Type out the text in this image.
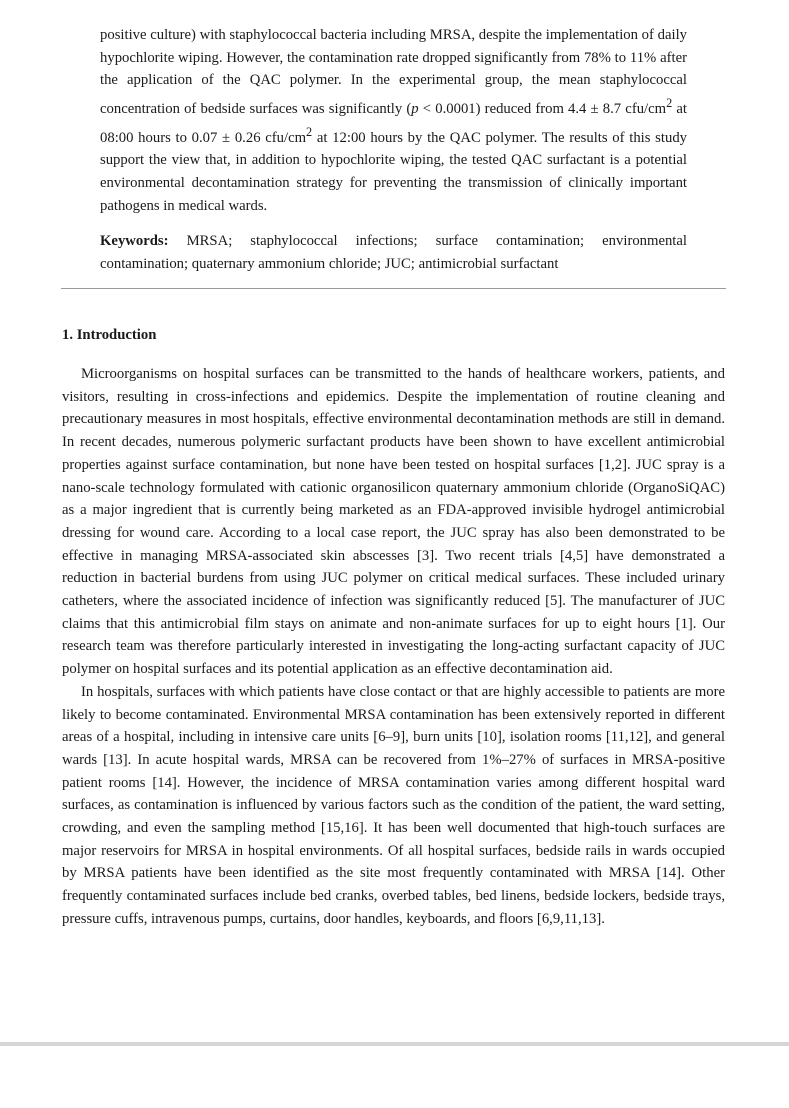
positive culture) with staphylococcal bacteria including MRSA, despite the implementation of daily hypochlorite wiping. However, the contamination rate dropped significantly from 78% to 11% after the application of the QAC polymer. In the experimental group, the mean staphylococcal concentration of bedside surfaces was significantly (p < 0.0001) reduced from 4.4 ± 8.7 cfu/$cm^2$ at 08:00 hours to 0.07 ± 0.26 cfu/$cm^2$ at 12:00 hours by the QAC polymer. The results of this study support the view that, in addition to hypochlorite wiping, the tested QAC surfactant is a potential environmental decontamination strategy for preventing the transmission of clinically important pathogens in medical wards.

Keywords: MRSA; staphylococcal infections; surface contamination; environmental contamination; quaternary ammonium chloride; JUC; antimicrobial surfactant

1. Introduction

Microorganisms on hospital surfaces can be transmitted to the hands of healthcare workers, patients, and visitors, resulting in cross-infections and epidemics. Despite the implementation of routine cleaning and precautionary measures in most hospitals, effective environmental decontamination methods are still in demand. In recent decades, numerous polymeric surfactant products have been shown to have excellent antimicrobial properties against surface contamination, but none have been tested on hospital surfaces [1,2]. JUC spray is a nano-scale technology formulated with cationic organosilicon quaternary ammonium chloride (OrganoSiQAC) as a major ingredient that is currently being marketed as an FDA-approved invisible hydrogel antimicrobial dressing for wound care. According to a local case report, the JUC spray has also been demonstrated to be effective in managing MRSA-associated skin abscesses [3]. Two recent trials [4,5] have demonstrated a reduction in bacterial burdens from using JUC polymer on critical medical surfaces. These included urinary catheters, where the associated incidence of infection was significantly reduced [5]. The manufacturer of JUC claims that this antimicrobial film stays on animate and non-animate surfaces for up to eight hours [1]. Our research team was therefore particularly interested in investigating the long-acting surfactant capacity of JUC polymer on hospital surfaces and its potential application as an effective decontamination aid.

In hospitals, surfaces with which patients have close contact or that are highly accessible to patients are more likely to become contaminated. Environmental MRSA contamination has been extensively reported in different areas of a hospital, including in intensive care units [6–9], burn units [10], isolation rooms [11,12], and general wards [13]. In acute hospital wards, MRSA can be recovered from 1%–27% of surfaces in MRSA-positive patient rooms [14]. However, the incidence of MRSA contamination varies among different hospital ward surfaces, as contamination is influenced by various factors such as the condition of the patient, the ward setting, crowding, and even the sampling method [15,16]. It has been well documented that high-touch surfaces are major reservoirs for MRSA in hospital environments. Of all hospital surfaces, bedside rails in wards occupied by MRSA patients have been identified as the site most frequently contaminated with MRSA [14]. Other frequently contaminated surfaces include bed cranks, overbed tables, bed linens, bedside lockers, bedside trays, pressure cuffs, intravenous pumps, curtains, door handles, keyboards, and floors [6,9,11,13].
